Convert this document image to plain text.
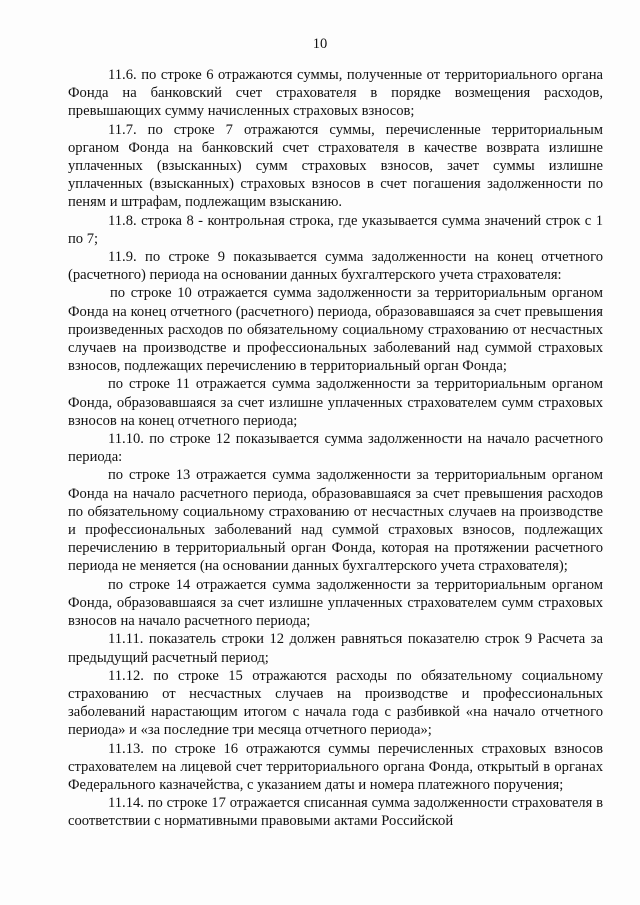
10

11.6. по строке 6 отражаются суммы, полученные от территориального органа Фонда на банковский счет страхователя в порядке возмещения расходов, превышающих сумму начисленных страховых взносов;

11.7. по строке 7 отражаются суммы, перечисленные территориальным органом Фонда на банковский счет страхователя в качестве возврата излишне уплаченных (взысканных) сумм страховых взносов, зачет суммы излишне уплаченных (взысканных) страховых взносов в счет погашения задолженности по пеням и штрафам, подлежащим взысканию.

11.8. строка 8 - контрольная строка, где указывается сумма значений строк с 1 по 7;

11.9. по строке 9 показывается сумма задолженности на конец отчетного (расчетного) периода на основании данных бухгалтерского учета страхователя:

по строке 10 отражается сумма задолженности за территориальным органом Фонда на конец отчетного (расчетного) периода, образовавшаяся за счет превышения произведенных расходов по обязательному социальному страхованию от несчастных случаев на производстве и профессиональных заболеваний над суммой страховых взносов, подлежащих перечислению в территориальный орган Фонда;

по строке 11 отражается сумма задолженности за территориальным органом Фонда, образовавшаяся за счет излишне уплаченных страхователем сумм страховых взносов на конец отчетного периода;

11.10. по строке 12 показывается сумма задолженности на начало расчетного периода:

по строке 13 отражается сумма задолженности за территориальным органом Фонда на начало расчетного периода, образовавшаяся за счет превышения расходов по обязательному социальному страхованию от несчастных случаев на производстве и профессиональных заболеваний над суммой страховых взносов, подлежащих перечислению в территориальный орган Фонда, которая на протяжении расчетного периода не меняется (на основании данных бухгалтерского учета страхователя);

по строке 14 отражается сумма задолженности за территориальным органом Фонда, образовавшаяся за счет излишне уплаченных страхователем сумм страховых взносов на начало расчетного периода;

11.11. показатель строки 12 должен равняться показателю строк 9 Расчета за предыдущий расчетный период;

11.12. по строке 15 отражаются расходы по обязательному социальному страхованию от несчастных случаев на производстве и профессиональных заболеваний нарастающим итогом с начала года с разбивкой «на начало отчетного периода» и «за последние три месяца отчетного периода»;

11.13. по строке 16 отражаются суммы перечисленных страховых взносов страхователем на лицевой счет территориального органа Фонда, открытый в органах Федерального казначейства, с указанием даты и номера платежного поручения;

11.14. по строке 17 отражается списанная сумма задолженности страхователя в соответствии с нормативными правовыми актами Российской
